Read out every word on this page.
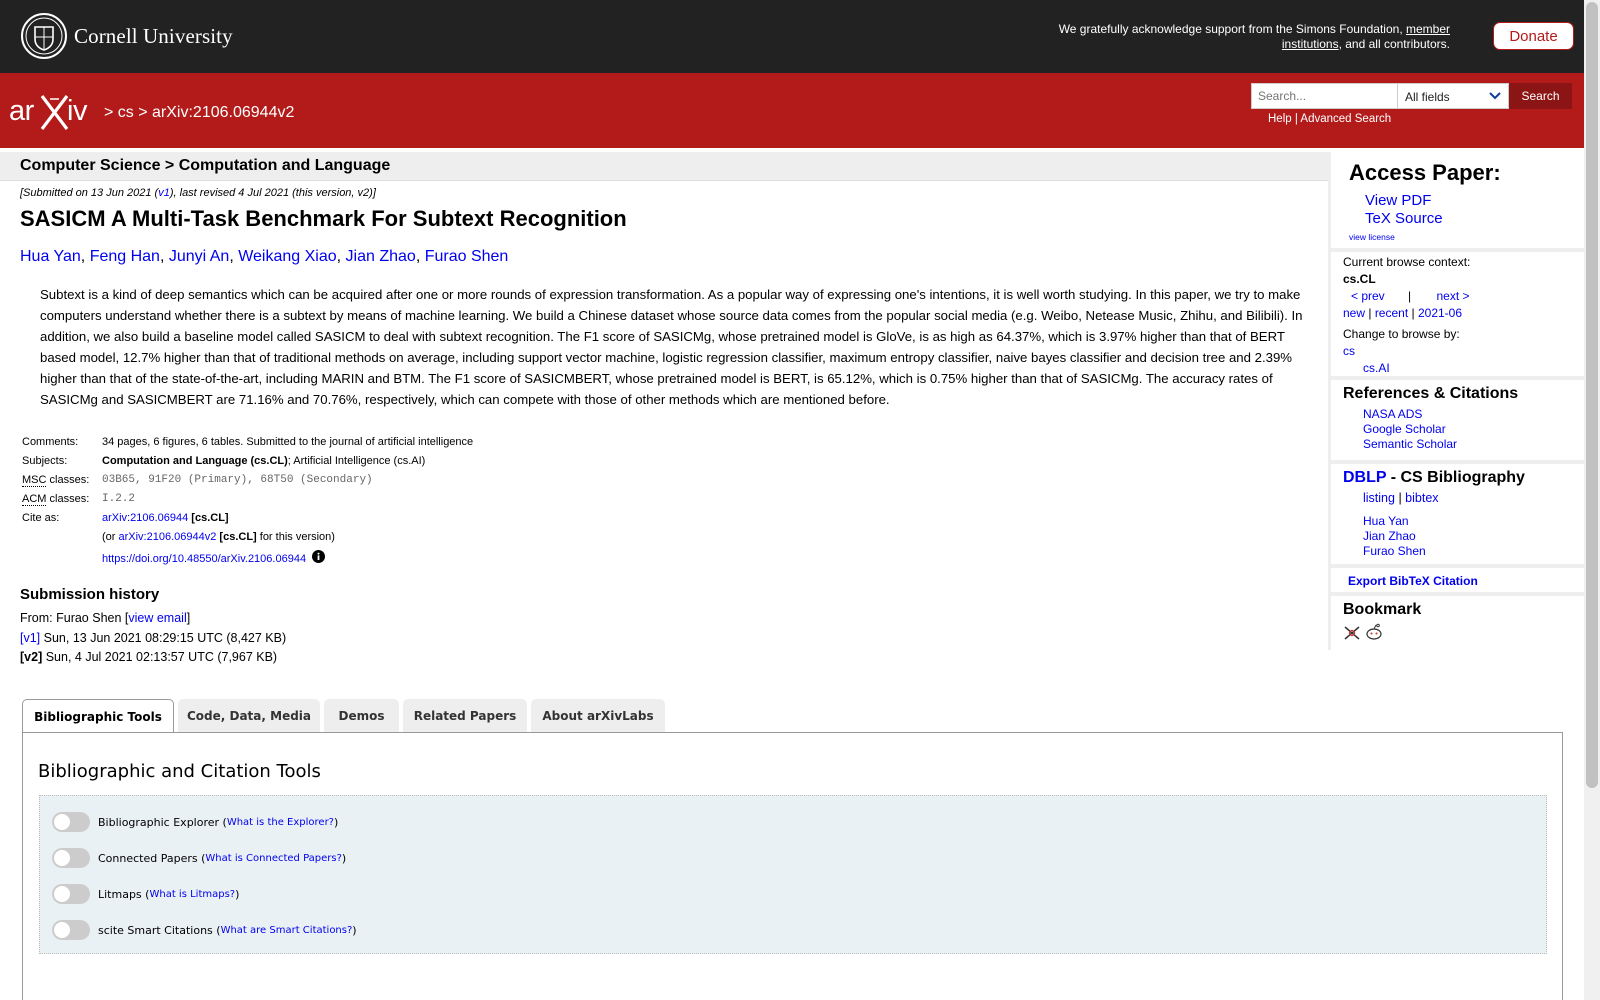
Cornell University	We gratefully acknowledge support from the Simons Foundation, member institutions, and all contributors.	Donate
ar iv > cs > arXiv:2106.06944v2
Search...
All fields	Search
Help | Advanced Search
Computer Science > Computation and Language
[Submitted on 13 Jun 2021 (v1), last revised 4 Jul 2021 (this version, v2)]
SASICM A Multi-Task Benchmark For Subtext Recognition
Hua Yan, Feng Han, Junyi An, Weikang Xiao, Jian Zhao, Furao Shen

Subtext is a kind of deep semantics which can be acquired after one or more rounds of expression transformation. As a popular way of expressing one's intentions, it is well worth studying. In this paper, we try to make computers understand whether there is a subtext by means of machine learning. We build a Chinese dataset whose source data comes from the popular social media (e.g. Weibo, Netease Music, Zhihu, and Bilibili). In addition, we also build a baseline model called SASICM to deal with subtext recognition. The F1 score of SASICMg, whose pretrained model is GloVe, is as high as 64.37%, which is 3.97% higher than that of BERT based model, 12.7% higher than that of traditional methods on average, including support vector machine, logistic regression classifier, maximum entropy classifier, naive bayes classifier and decision tree and 2.39% higher than that of the state-of-the-art, including MARIN and BTM. The F1 score of SASICMBERT, whose pretrained model is BERT, is 65.12%, which is 0.75% higher than that of SASICMg. The accuracy rates of SASICMg and SASICMBERT are 71.16% and 70.76%, respectively, which can compete with those of other methods which are mentioned before.

Comments:	34 pages, 6 figures, 6 tables. Submitted to the journal of artificial intelligence
Subjects:	Computation and Language (cs.CL); Artificial Intelligence (cs.AI)
MSC classes:	03B65, 91F20 (Primary), 68T50 (Secondary)
ACM classes:	I.2.2
Cite as:	arXiv:2106.06944 [cs.CL]
	(or arXiv:2106.06944v2 [cs.CL] for this version)
	https://doi.org/10.48550/arXiv.2106.06944
Submission history
From: Furao Shen [view email]
[v1] Sun, 13 Jun 2021 08:29:15 UTC (8,427 KB)
[v2] Sun, 4 Jul 2021 02:13:57 UTC (7,967 KB)
Access Paper:
View PDF
TeX Source
view license
Current browse context:
cs.CL
< prev | next >
new | recent | 2021-06
Change to browse by:
cs
cs.AI
References & Citations
NASA ADS
Google Scholar
Semantic Scholar
DBLP - CS Bibliography
listing | bibtex
Hua Yan
Jian Zhao
Furao Shen
Export BibTeX Citation
Bookmark

Bibliographic Tools	Code, Data, Media	Demos	Related Papers	About arXivLabs
Bibliographic and Citation Tools
Bibliographic Explorer ( What is the Explorer? )
Connected Papers ( What is Connected Papers? )
Litmaps ( What is Litmaps? )
scite Smart Citations ( What are Smart Citations? )
